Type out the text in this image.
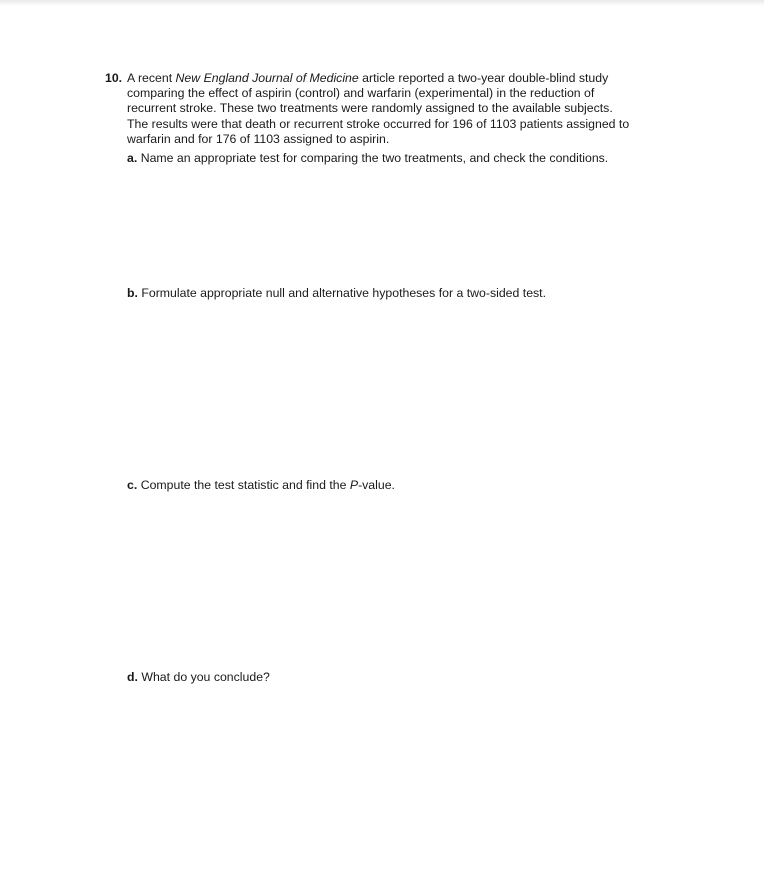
10. A recent New England Journal of Medicine article reported a two-year double-blind study
comparing the effect of aspirin (control) and warfarin (experimental) in the reduction of
recurrent stroke. These two treatments were randomly assigned to the available subjects.
The results were that death or recurrent stroke occurred for 196 of 1103 patients assigned to
warfarin and for 176 of 1103 assigned to aspirin.
a. Name an appropriate test for comparing the two treatments, and check the conditions.
b. Formulate appropriate null and alternative hypotheses for a two-sided test.
c. Compute the test statistic and find the P-value.
d. What do you conclude?
